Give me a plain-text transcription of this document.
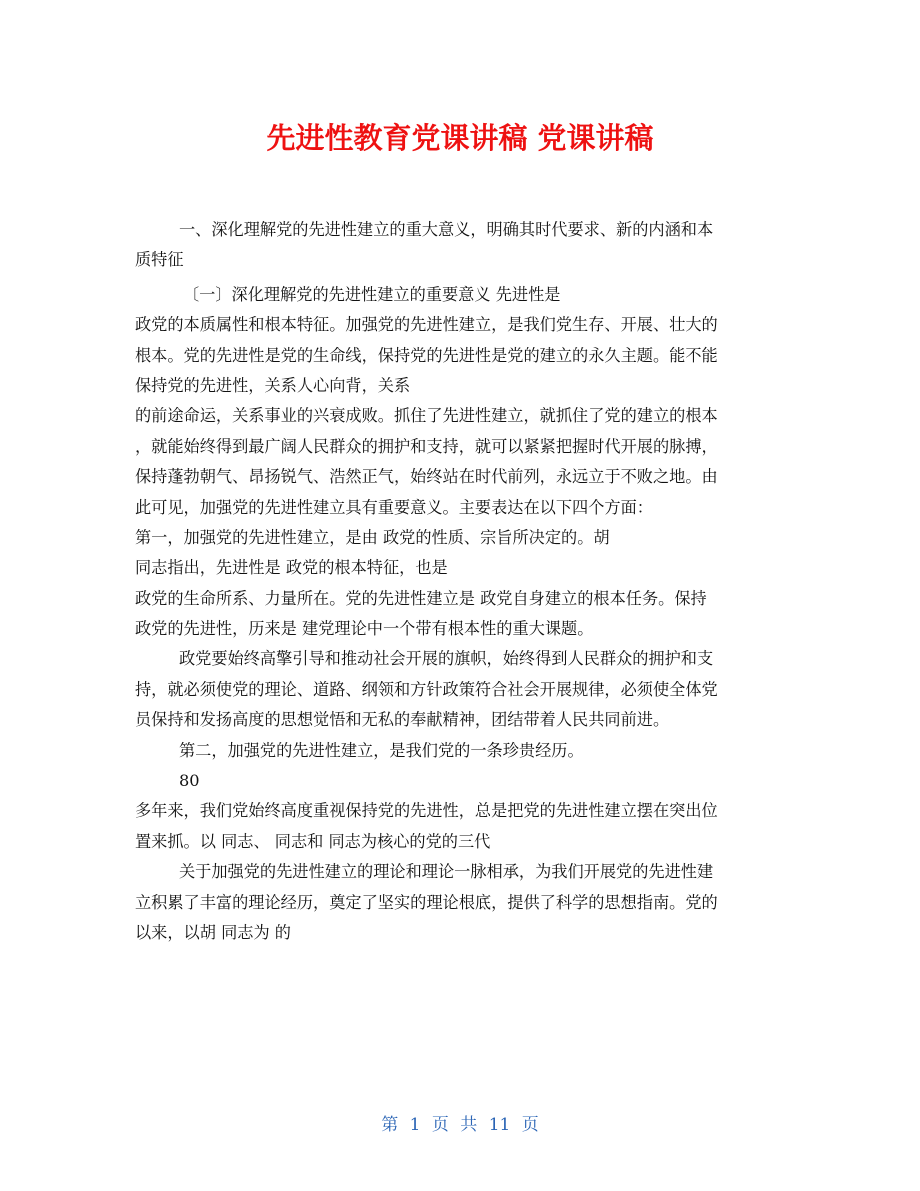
先进性教育党课讲稿 党课讲稿
一、深化理解党的先进性建立的重大意义，明确其时代要求、新的内涵和本
质特征
〔一〕深化理解党的先进性建立的重要意义 先进性是
政党的本质属性和根本特征。加强党的先进性建立，是我们党生存、开展、壮大的
根本。党的先进性是党的生命线，保持党的先进性是党的建立的永久主题。能不能
保持党的先进性，关系人心向背，关系
的前途命运，关系事业的兴衰成败。抓住了先进性建立，就抓住了党的建立的根本
，就能始终得到最广阔人民群众的拥护和支持，就可以紧紧把握时代开展的脉搏，
保持蓬勃朝气、昂扬锐气、浩然正气，始终站在时代前列，永远立于不败之地。由
此可见，加强党的先进性建立具有重要意义。主要表达在以下四个方面：
第一，加强党的先进性建立，是由 政党的性质、宗旨所决定的。胡
同志指出，先进性是 政党的根本特征，也是
政党的生命所系、力量所在。党的先进性建立是 政党自身建立的根本任务。保持
政党的先进性，历来是 建党理论中一个带有根本性的重大课题。
政党要始终高擎引导和推动社会开展的旗帜，始终得到人民群众的拥护和支
持，就必须使党的理论、道路、纲领和方针政策符合社会开展规律，必须使全体党
员保持和发扬高度的思想觉悟和无私的奉献精神，团结带着人民共同前进。
第二，加强党的先进性建立，是我们党的一条珍贵经历。
80
多年来，我们党始终高度重视保持党的先进性，总是把党的先进性建立摆在突出位
置来抓。以 同志、 同志和 同志为核心的党的三代
关于加强党的先进性建立的理论和理论一脉相承，为我们开展党的先进性建
立积累了丰富的理论经历，奠定了坚实的理论根底，提供了科学的思想指南。党的
以来，以胡 同志为 的
第 1 页 共 11 页
